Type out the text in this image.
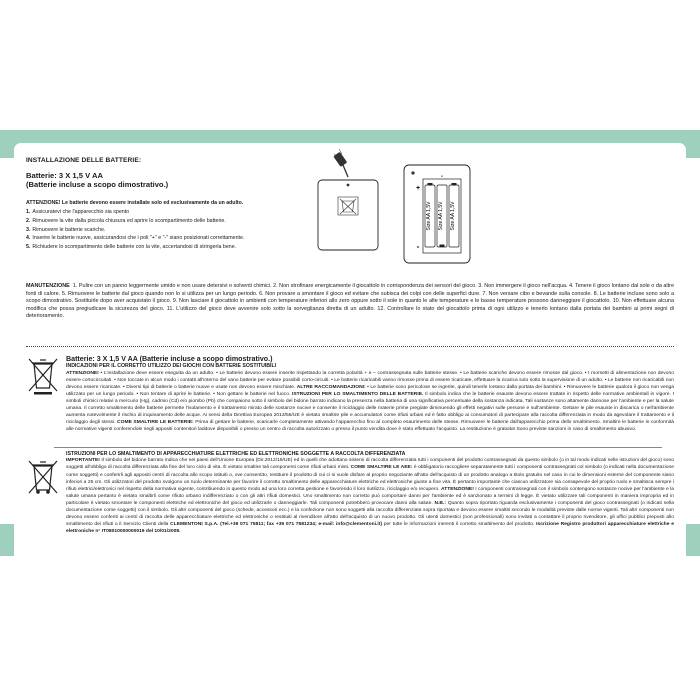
INSTALLAZIONE DELLE BATTERIE:
Batterie: 3 X 1,5 V AA
(Batterie incluse a scopo dimostrativo.)
ATTENZIONE! Le batterie devono essere installate solo ed esclusivamente da un adulto.
1. Assicuratevi che l'apparecchio sia spento
2. Rimuovere la vite dalla piccola chiusura ed aprire lo scompartimento delle batterie.
3. Rimuovere le batterie scariche.
4. Inserire le batterie nuove, assicurandosi che i poli "+" e "-" siano posizionati correttamente.
5. Richiudere lo scompartimento delle batterie con la vite, accertandosi di stringerla bene.
Size AA 1,5V Size AA 1,5V Size AA 1,5V
+
-
-
MANUTENZIONE 1. Pulire con un panno leggermente umido e non usare detersivi o solventi chimici. 2. Non strofinare energicamente il giocattolo in corrispondenza dei sensori del gioco. 3. Non immergere il gioco nell'acqua. 4. Tenere il gioco lontano dal sole o da altre fonti di calore. 5. Rimuovere le batterie dal gioco quando non lo si utilizza per un lungo periodo. 6. Non provare a smontare il gioco ed evitare che subisca dei colpi con delle superfici dure. 7. Non versare cibo e bevande sulla console. 8. Le batterie incluse sono solo a scopo dimostrativo. Sostituirle dopo aver acquistato il gioco. 9. Non lasciare il giocattolo in ambienti con temperature inferiori allo zero oppure sotto il sole in quanto le alte temperature e le basse temperature possono danneggiare il giocattolo. 10. Non effettuare alcuna modifica che possa pregiudicare la sicurezza del gioco. 11. L'utilizzo del gioco deve avvenire solo sotto la sorveglianza diretta di un adulto. 12. Controllare lo stato del giocattolo prima di ogni utilizzo e tenerlo lontano dalla portata dei bambini ai primi segni di deterioramento.
Batterie: 3 X 1,5 V AA (Batterie incluse a scopo dimostrativo.)
INDICAZIONI PER IL CORRETTO UTILIZZO DEI GIOCHI CON BATTERIE SOSTITUIBILI
ATTENZIONE! • L'installazione deve essere eseguita da un adulto. • Le batterie devono essere inserite rispettando la corretta polarità + e – contrassegnata sulle batterie stesse. • Le batterie scariche devono essere rimosse dal gioco. • I morsetti di alimentazione non devono essere cortocircuitati. • Non toccate in alcun modo i contatti all'interno del vano batterie per evitare possibili corto-circuiti. • Le batterie ricaricabili vanno rimosse prima di essere ricaricate, effettuare la ricarica solo sotto la supervisione di un adulto. • Le batterie non ricaricabili non devono essere ricaricate. • Diversi tipi di batterie o batterie nuove e usate non devono essere mischiate. ALTRE RACCOMANDAZIONI: • Le batterie sono pericolose se ingerite, quindi tenerle lontano dalla portata dei bambini. • Rimuovere le batterie qualora il gioco non venga utilizzato per un lungo periodo. • Non tentare di aprire le batterie. • Non gettare le batterie nel fuoco. ISTRUZIONI PER LO SMALTIMENTO DELLE BATTERIE. Il simbolo indica che le batterie esauste devono essere trattate in rispetto delle normative ambientali in vigore. I simboli chimici relativi a mercurio (Hg), cadmio (Cd) e/o piombo (Pb) che compaiono sotto il simbolo del bidone barrato indicano la presenza nella batteria di una significativa percentuale della sostanza indicata. Tali sostanze sono altamente dannose per l'ambiente e per la salute umana. Il corretto smaltimento delle batterie permette l'isolamento e il trattamento mirato delle sostanze nocive e consente il riciclaggio delle materie prime pregiate diminuendo gli effetti negativi sulle persone e sull'ambiente. Gettare le pile esauste in discarica o nell'ambiente aumenta notevolmente il rischio di inquinamento delle acque. Ai sensi della Direttiva Europea 2013/56/UE è vietato smaltire pile e accumulatori come rifiuti urbani ed è fatto obbligo ai consumatori di partecipare alla raccolta differenziata in modo da agevolare il trattamento e il riciclaggio degli stessi. COME SMALTIRE LE BATTERIE: Prima di gettare le batterie, scaricarle completamente attivando l'apparecchio fino al completo esaurimento delle stesse. Rimuovere le batterie dall'apparecchio prima dello smaltimento. Smaltire le batterie in conformità alle normative vigenti conferendole negli appositi contenitori laddove disponibili o presso un centro di raccolta autorizzato o presso il punto vendita dove è stato effettuato l'acquisto. La restituzione è gratuita! Sono previste sanzioni in caso di smaltimento abusivo.
ISTRUZIONI PER LO SMALTIMENTO DI APPARECCHIATURE ELETTRICHE ED ELETTRONICHE SOGGETTE A RACCOLTA DIFFERENZIATA
IMPORTANTE! Il simbolo del bidone barrato indica che nei paesi dell'Unione Europea (Dir.2012/19/UE) ed in quelli che adottano sistemi di raccolta differenziata tutti i componenti del prodotto contrassegnati da questo simbolo (o in tal modo indicati nelle istruzioni del gioco) sono soggetti all'obbligo di raccolta differenziata alla fine del loro ciclo di vita. È vietato smaltire tali componenti come rifiuti urbani misti. COME SMALTIRE LE AEE: è obbligatorio raccogliere separatamente tutti i componenti contrassegnati col simbolo (o indicati nella documentazione come soggetti) e conferirli agli appositi centri di raccolta allo scopo istituiti o, ove consentito, restituire il prodotto di cui ci si vuole disfare al proprio negoziante all'atto dell'acquisto di un prodotto analogo a titolo gratuito nel caso in cui le dimensioni esterne del componente siano inferiori a 25 cm. Gli utilizzatori del prodotto svolgono un ruolo determinante per favorire il corretto smaltimento delle apparecchiature elettriche ed elettroniche giunte a fine vita. È pertanto importante che ciascun utilizzatore sia consapevole del proprio ruolo e smaltisca sempre i rifiuti elettrici/elettronici nel rispetto della normativa vigente, contribuendo in questo modo ad una loro corretta gestione e favorendo il loro riutilizzo, riciclaggio e/o recupero. ATTENZIONE! I componenti contrassegnati con il simbolo contengono sostanze nocive per l'ambiente e la salute umana pertanto è vietato smaltirli come rifiuto urbano indifferenziato o con gli altri rifiuti domestici. Uno smaltimento non corretto può comportare danni per l'ambiente ed è sanzionato a termini di legge. È vietato utilizzare tali componenti in maniera impropria ed in particolare è vietato smontare le componenti elettriche ed elettroniche del gioco ed utilizzarle o danneggiarle. Tali componenti potrebbero provocare danni alla salute. N.B.: Quanto sopra riportato riguarda esclusivamente i componenti del gioco contrassegnati (o indicati nella documentazione come soggetti) con il simbolo. Gli altri componenti del gioco (schede, accessori ecc.) e la confezione non sono soggetti alla raccolta differenziata sopra riportata e devono essere smaltiti secondo le modalità previste dalle norme vigenti. Tali altri componenti non devono essere conferiti ai centri di raccolta delle apparecchiature elettriche ed elettroniche o restituiti al rivenditore all'atto dell'acquisto di un nuovo prodotto. Gli utenti domestici (non professionali) sono invitati a contattare il proprio rivenditore, gli uffici pubblici preposti allo smaltimento dei rifiuti o il Servizio Clienti della CLEMENTONI S.p.A. (Tel.+39 071 75811; fax +39 071 7581234; e-mail: info@clementoni.it) per tutte le informazioni inerenti il corretto smaltimento del prodotto. Iscrizione Registro produttori apparecchiature elettriche e elettroniche n° IT08010000000019 del 10/01/2008.
